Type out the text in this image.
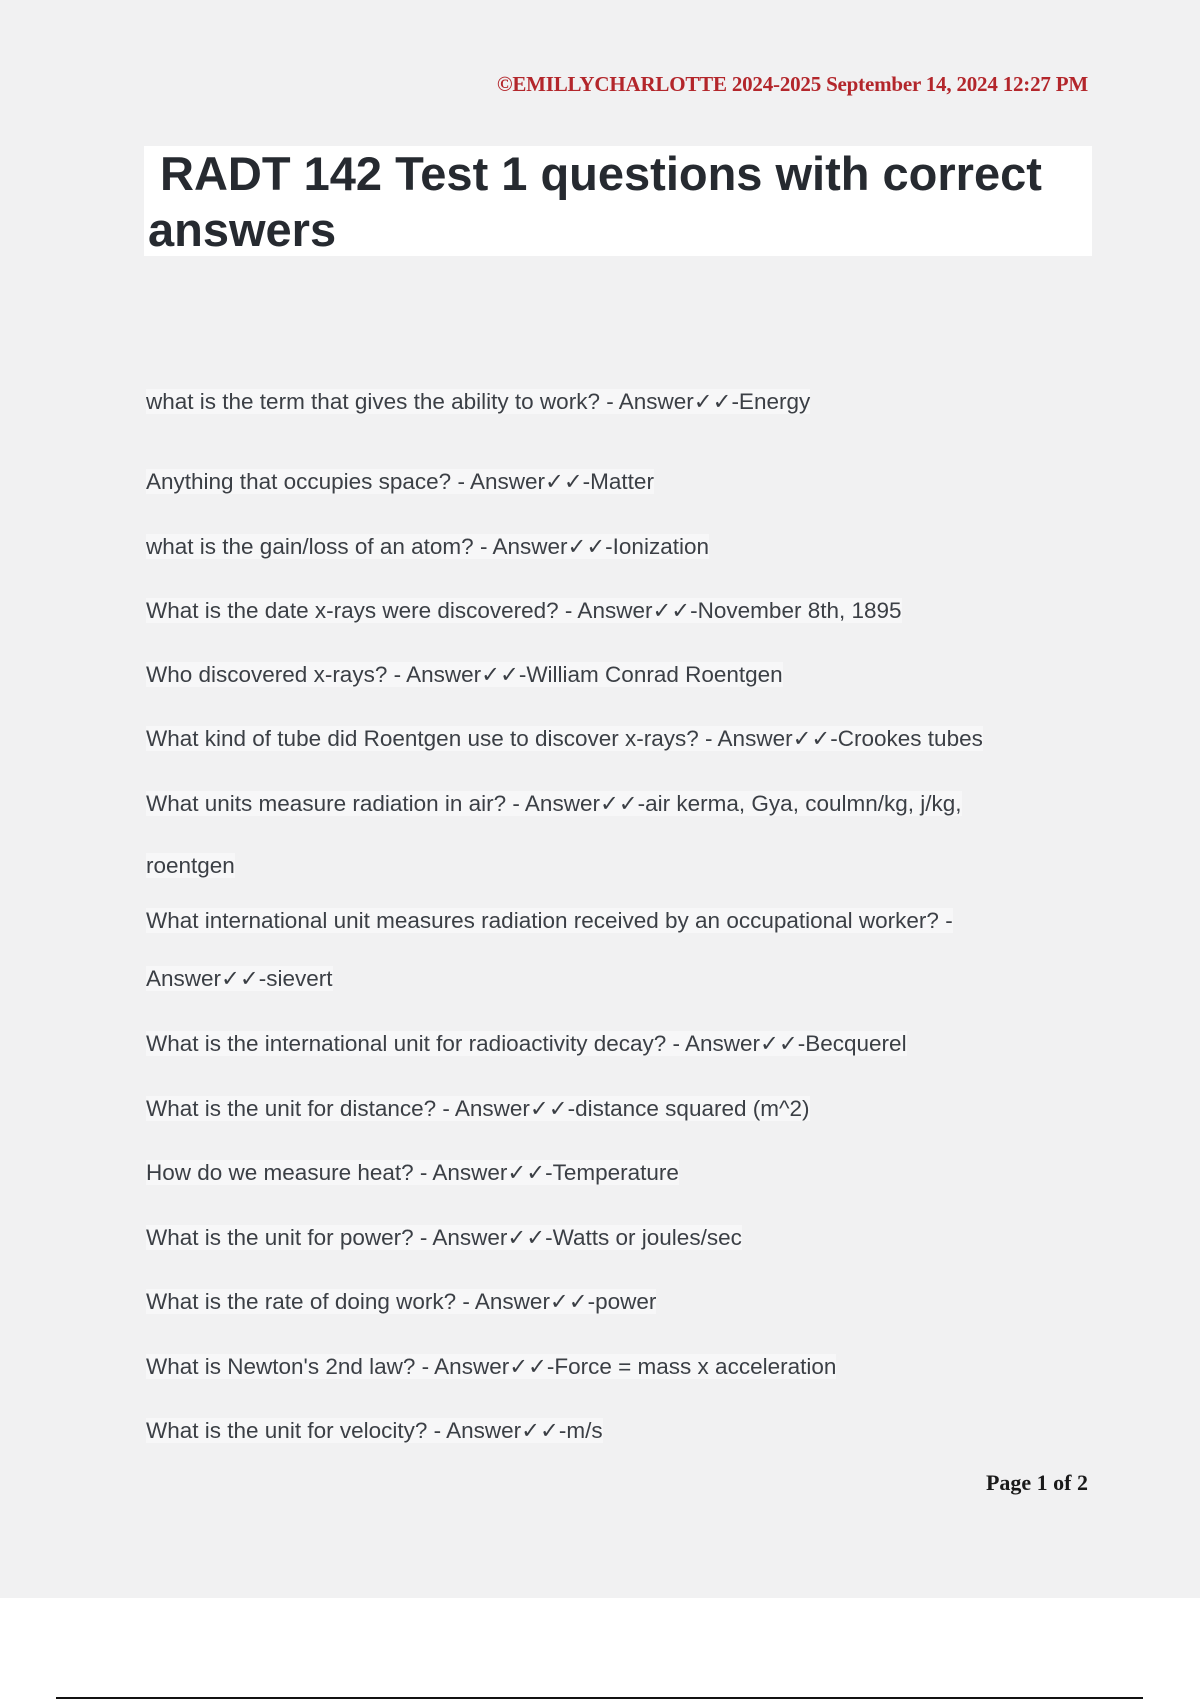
©EMILLYCHARLOTTE 2024-2025 September 14, 2024 12:27 PM
RADT 142 Test 1 questions with correct answers
what is the term that gives the ability to work? - Answer✓✓-Energy
Anything that occupies space? - Answer✓✓-Matter
what is the gain/loss of an atom? - Answer✓✓-Ionization
What is the date x-rays were discovered? - Answer✓✓-November 8th, 1895
Who discovered x-rays? - Answer✓✓-William Conrad Roentgen
What kind of tube did Roentgen use to discover x-rays? - Answer✓✓-Crookes tubes
What units measure radiation in air? - Answer✓✓-air kerma, Gya, coulmn/kg, j/kg,
roentgen
What international unit measures radiation received by an occupational worker? -
Answer✓✓-sievert
What is the international unit for radioactivity decay? - Answer✓✓-Becquerel
What is the unit for distance? - Answer✓✓-distance squared (m^2)
How do we measure heat? - Answer✓✓-Temperature
What is the unit for power? - Answer✓✓-Watts or joules/sec
What is the rate of doing work? - Answer✓✓-power
What is Newton's 2nd law? - Answer✓✓-Force = mass x acceleration
What is the unit for velocity? - Answer✓✓-m/s
Page 1 of 2
